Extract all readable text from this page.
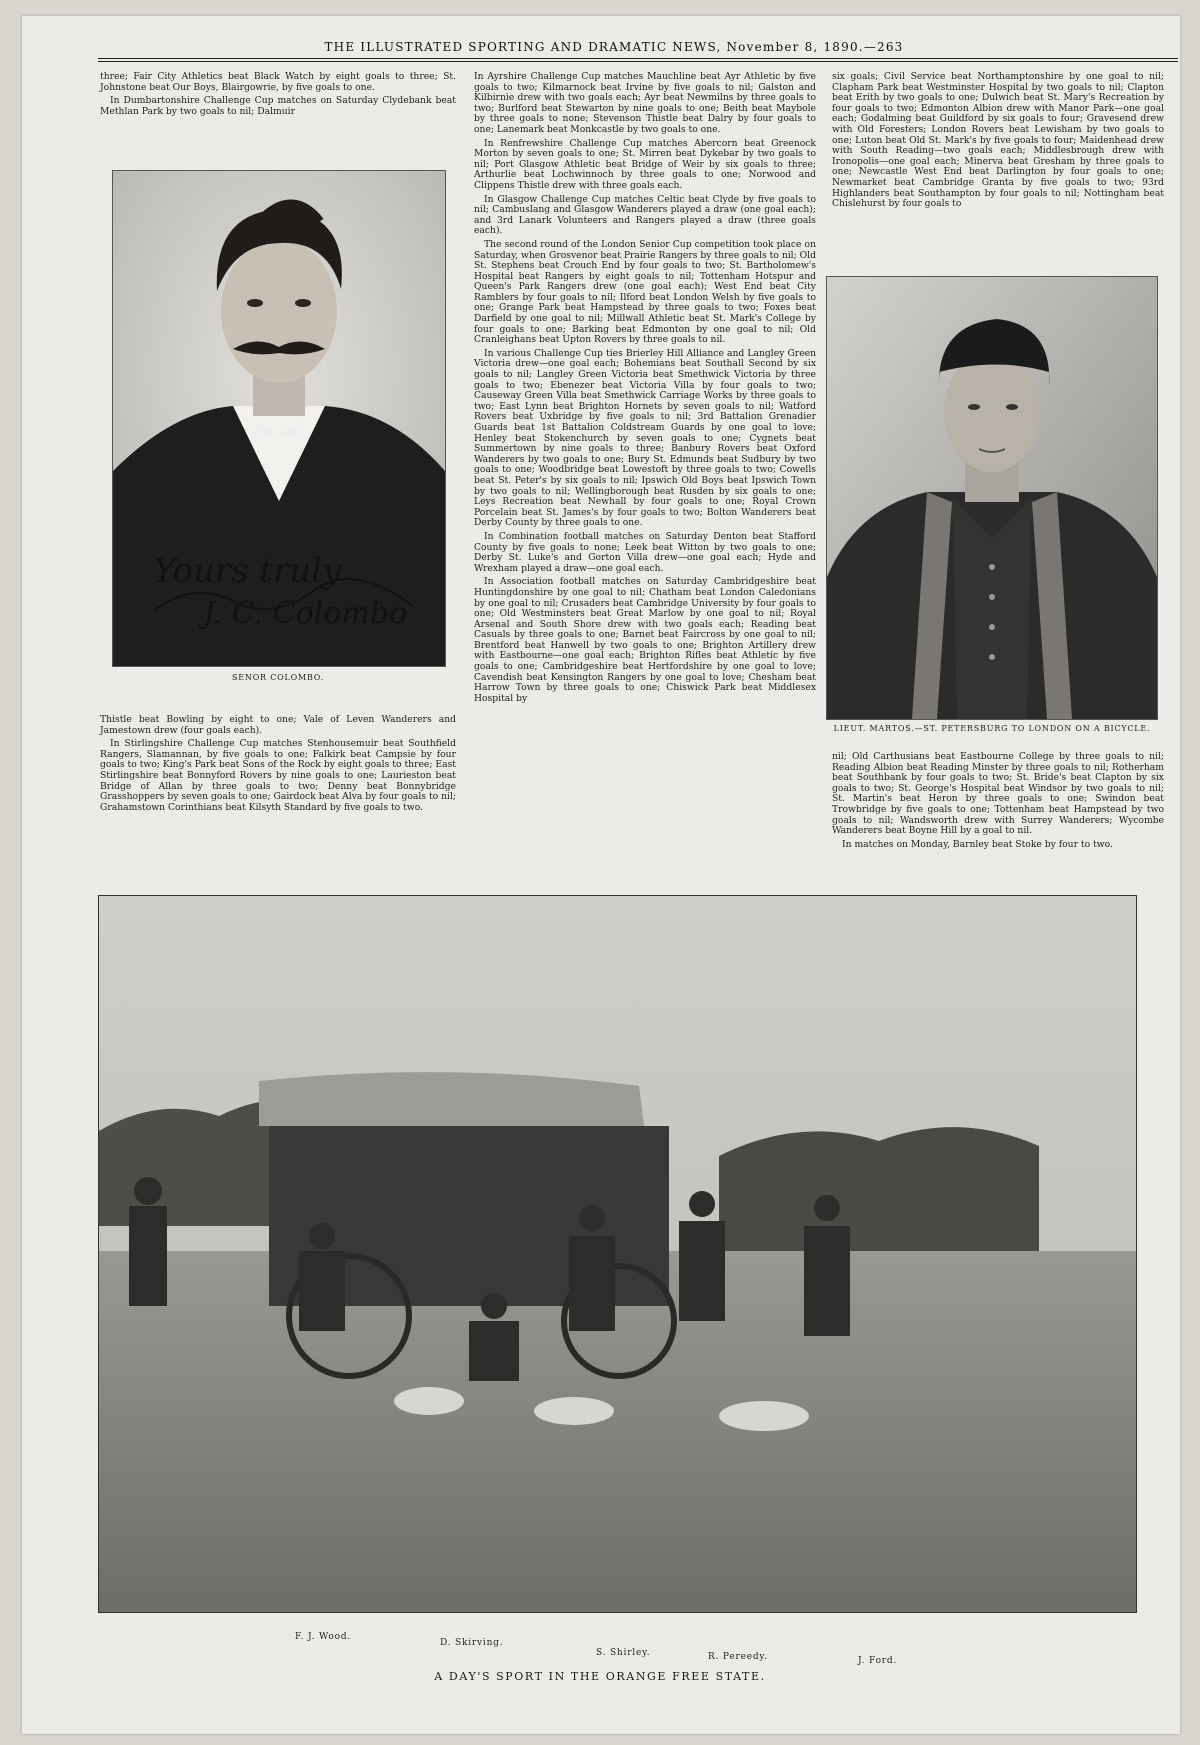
THE ILLUSTRATED SPORTING AND DRAMATIC NEWS, November 8, 1890.—263

three; Fair City Athletics beat Black Watch by eight goals to three; St. Johnstone beat Our Boys, Blairgowrie, by five goals to one.

In Dumbartonshire Challenge Cup matches on Saturday Clydebank beat Methlan Park by two goals to nil; Dalmuir

Yours truly
J. C. Colombo
SENOR COLOMBO.

Thistle beat Bowling by eight to one; Vale of Leven Wanderers and Jamestown drew (four goals each).

In Stirlingshire Challenge Cup matches Stenhousemuir beat Southfield Rangers, Slamannan, by five goals to one; Falkirk beat Campsie by four goals to two; King's Park beat Sons of the Rock by eight goals to three; East Stirlingshire beat Bonnyford Rovers by nine goals to one; Laurieston beat Bridge of Allan by three goals to two; Denny beat Bonnybridge Grasshoppers by seven goals to one; Gairdock beat Alva by four goals to nil; Grahamstown Corinthians beat Kilsyth Standard by five goals to two.

In Ayrshire Challenge Cup matches Mauchline beat Ayr Athletic by five goals to two; Kilmarnock beat Irvine by five goals to nil; Galston and Kilbirnie drew with two goals each; Ayr beat Newmilns by three goals to two; Burlford beat Stewarton by nine goals to one; Beith beat Maybole by three goals to none; Stevenson Thistle beat Dalry by four goals to one; Lanemark beat Monkcastle by two goals to one.

In Renfrewshire Challenge Cup matches Abercorn beat Greenock Morton by seven goals to one; St. Mirren beat Dykebar by two goals to nil; Port Glasgow Athletic beat Bridge of Weir by six goals to three; Arthurlie beat Lochwinnoch by three goals to one; Norwood and Clippens Thistle drew with three goals each.

In Glasgow Challenge Cup matches Celtic beat Clyde by five goals to nil; Cambuslang and Glasgow Wanderers played a draw (one goal each); and 3rd Lanark Volunteers and Rangers played a draw (three goals each).

The second round of the London Senior Cup competition took place on Saturday, when Grosvenor beat Prairie Rangers by three goals to nil; Old St. Stephens beat Crouch End by four goals to two; St. Bartholomew's Hospital beat Rangers by eight goals to nil; Tottenham Hotspur and Queen's Park Rangers drew (one goal each); West End beat City Ramblers by four goals to nil; Ilford beat London Welsh by five goals to one; Grange Park beat Hampstead by three goals to two; Foxes beat Darfield by one goal to nil; Millwall Athletic beat St. Mark's College by four goals to one; Barking beat Edmonton by one goal to nil; Old Cranleighans beat Upton Rovers by three goals to nil.

In various Challenge Cup ties Brierley Hill Alliance and Langley Green Victoria drew—one goal each; Bohemians beat Southall Second by six goals to nil; Langley Green Victoria beat Smethwick Victoria by three goals to two; Ebenezer beat Victoria Villa by four goals to two; Causeway Green Villa beat Smethwick Carriage Works by three goals to two; East Lynn beat Brighton Hornets by seven goals to nil; Watford Rovers beat Uxbridge by five goals to nil; 3rd Battalion Grenadier Guards beat 1st Battalion Coldstream Guards by one goal to love; Henley beat Stokenchurch by seven goals to one; Cygnets beat Summertown by nine goals to three; Banbury Rovers beat Oxford Wanderers by two goals to one; Bury St. Edmunds beat Sudbury by two goals to one; Woodbridge beat Lowestoft by three goals to two; Cowells beat St. Peter's by six goals to nil; Ipswich Old Boys beat Ipswich Town by two goals to nil; Wellingborough beat Rusden by six goals to one; Leys Recreation beat Newhall by four goals to one; Royal Crown Porcelain beat St. James's by four goals to two; Bolton Wanderers beat Derby County by three goals to one.

In Combination football matches on Saturday Denton beat Stafford County by five goals to none; Leek beat Witton by two goals to one; Derby St. Luke's and Gorton Villa drew—one goal each; Hyde and Wrexham played a draw—one goal each.

In Association football matches on Saturday Cambridgeshire beat Huntingdonshire by one goal to nil; Chatham beat London Caledonians by one goal to nil; Crusaders beat Cambridge University by four goals to one; Old Westminsters beat Great Marlow by one goal to nil; Royal Arsenal and South Shore drew with two goals each; Reading beat Casuals by three goals to one; Barnet beat Faircross by one goal to nil; Brentford beat Hanwell by two goals to one; Brighton Artillery drew with Eastbourne—one goal each; Brighton Rifles beat Athletic by five goals to one; Cambridgeshire beat Hertfordshire by one goal to love; Cavendish beat Kensington Rangers by one goal to love; Chesham beat Harrow Town by three goals to one; Chiswick Park beat Middlesex Hospital by

six goals; Civil Service beat Northamptonshire by one goal to nil; Clapham Park beat Westminster Hospital by two goals to nil; Clapton beat Erith by two goals to one; Dulwich beat St. Mary's Recreation by four goals to two; Edmonton Albion drew with Manor Park—one goal each; Godalming beat Guildford by six goals to four; Gravesend drew with Old Foresters; London Rovers beat Lewisham by two goals to one; Luton beat Old St. Mark's by five goals to four; Maidenhead drew with South Reading—two goals each; Middlesbrough drew with Ironopolis—one goal each; Minerva beat Gresham by three goals to one; Newcastle West End beat Darlington by four goals to one; Newmarket beat Cambridge Granta by five goals to two; 93rd Highlanders beat Southampton by four goals to nil; Nottingham beat Chislehurst by four goals to

LIEUT. MARTOS.—ST. PETERSBURG TO LONDON ON A BICYCLE.

nil; Old Carthusians beat Eastbourne College by three goals to nil; Reading Albion beat Reading Minster by three goals to nil; Rotherham beat Southbank by four goals to two; St. Bride's beat Clapton by six goals to two; St. George's Hospital beat Windsor by two goals to nil; St. Martin's beat Heron by three goals to one; Swindon beat Trowbridge by five goals to one; Tottenham beat Hampstead by two goals to nil; Wandsworth drew with Surrey Wanderers; Wycombe Wanderers beat Boyne Hill by a goal to nil.

In matches on Monday, Barnley beat Stoke by four to two.

F. J. Wood.
D. Skirving.
S. Shirley.	R. Pereedy.	J. Ford.
A DAY'S SPORT IN THE ORANGE FREE STATE.
